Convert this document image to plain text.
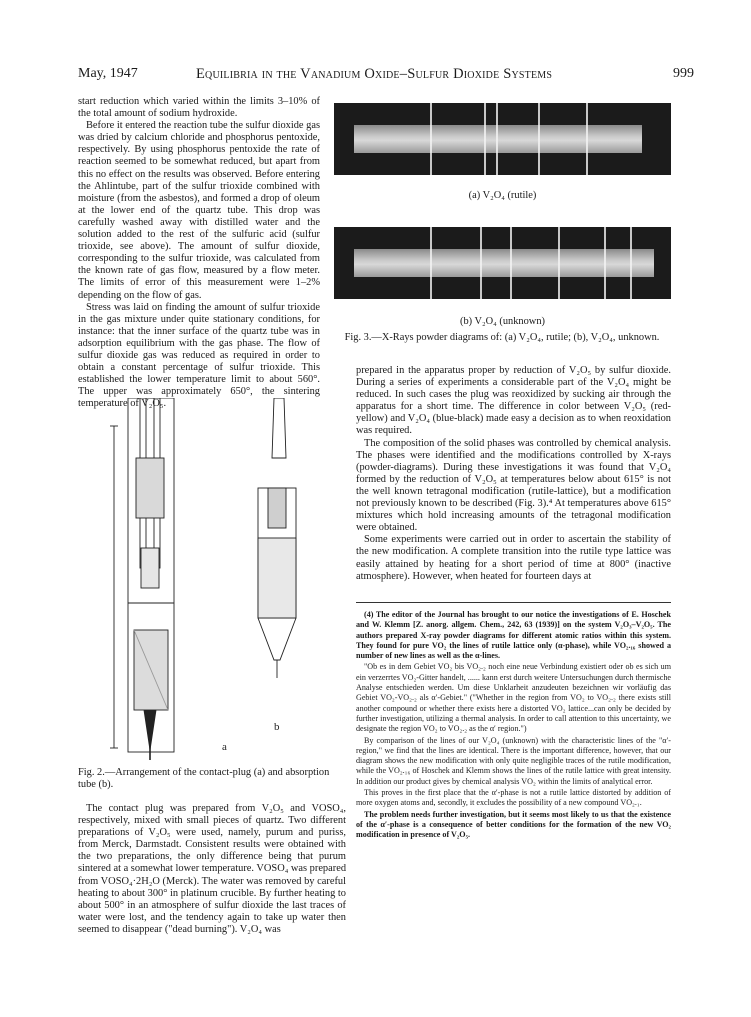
May, 1947	Equilibria in the Vanadium Oxide–Sulfur Dioxide Systems	999

start reduction which varied within the limits 3–10% of the total amount of sodium hydroxide.

Before it entered the reaction tube the sulfur dioxide gas was dried by calcium chloride and phosphorus pentoxide, respectively. By using phosphorus pentoxide the rate of reaction seemed to be somewhat reduced, but apart from this no effect on the results was observed. Before entering the Ahlintube, part of the sulfur trioxide combined with moisture (from the asbestos), and formed a drop of oleum at the lower end of the quartz tube. This drop was carefully washed away with distilled water and the solution added to the rest of the sulfuric acid (sulfur trioxide, see above). The amount of sulfur dioxide, corresponding to the sulfur trioxide, was calculated from the known rate of gas flow, measured by a flow meter. The limits of error of this measurement were 1–2% depending on the flow of gas.

Stress was laid on finding the amount of sulfur trioxide in the gas mixture under quite stationary conditions, for instance: that the inner surface of the quartz tube was in adsorption equilibrium with the gas phase. The flow of sulfur dioxide gas was reduced as required in order to obtain a constant percentage of sulfur trioxide. This established the lower temperature limit to about 560°. The upper was approximately 650°, the sintering temperature of V₂O₅.

a
b
Fig. 2.—Arrangement of the contact-plug (a) and absorption tube (b).

The contact plug was prepared from V₂O₅ and VOSO₄, respectively, mixed with small pieces of quartz. Two different preparations of V₂O₅ were used, namely, purum and puriss, from Merck, Darmstadt. Consistent results were obtained with the two preparations, the only difference being that purum sintered at a somewhat lower temperature. VOSO₄ was prepared from VOSO₄·2H₂O (Merck). The water was removed by careful heating to about 300° in platinum crucible. By further heating to about 500° in an atmosphere of sulfur dioxide the last traces of water were lost, and the tendency again to take up water then seemed to disappear ("dead burning"). V₂O₄ was

(a) V₂O₄ (rutile)
(b) V₂O₄ (unknown)
Fig. 3.—X-Rays powder diagrams of: (a) V₂O₄, rutile; (b), V₂O₄, unknown.

prepared in the apparatus proper by reduction of V₂O₅ by sulfur dioxide. During a series of experiments a considerable part of the V₂O₄ might be reduced. In such cases the plug was reoxidized by sucking air through the apparatus for a short time. The difference in color between V₂O₅ (red-yellow) and V₂O₄ (blue-black) made easy a decision as to when reoxidation was required.

The composition of the solid phases was controlled by chemical analysis. The phases were identified and the modifications controlled by X-rays (powder-diagrams). During these investigations it was found that V₂O₄ formed by the reduction of V₂O₅ at temperatures below about 615° is not the well known tetragonal modification (rutile-lattice), but a modification not previously known to be described (Fig. 3).⁴ At temperatures above 615° mixtures which hold increasing amounts of the tetragonal modification were obtained.

Some experiments were carried out in order to ascertain the stability of the new modification. A complete transition into the rutile type lattice was easily attained by heating for a short period of time at 800° (inactive atmosphere). However, when heated for fourteen days at

(4) The editor of the Journal has brought to our notice the investigations of E. Hoschek and W. Klemm [Z. anorg. allgem. Chem., 242, 63 (1939)] on the system V₂O₃–V₂O₅. The authors prepared X-ray powder diagrams for different atomic ratios within this system. They found for pure VO₂ the lines of rutile lattice only (α-phase), while VO₂.₁₆ showed a number of new lines as well as the α-lines.

"Ob es in dem Gebiet VO₂ bis VO₂.₂ noch eine neue Verbindung existiert oder ob es sich um ein verzerrtes VO₂-Gitter handelt, ...... kann erst durch weitere Untersuchungen durch thermische Analyse entschieden werden. Um diese Unklarheit anzudeuten bezeichnen wir vorläufig das Gebiet VO₂-VO₂.₂ als α′-Gebiet." ("Whether in the region from VO₂ to VO₂.₂ there exists still another compound or whether there exists here a distorted VO₂ lattice...can only be decided by further investigation, utilizing a thermal analysis. In order to call attention to this uncertainty, we designate the region VO₂ to VO₂.₂ as the α′ region.")

By comparison of the lines of our V₂O₄ (unknown) with the characteristic lines of the "α′-region," we find that the lines are identical. There is the important difference, however, that our diagram shows the new modification with only quite negligible traces of the rutile modification, while the VO₂.₁₆ of Hoschek and Klemm shows the lines of the rutile lattice with great intensity. In addition our product gives by chemical analysis VO₂ within the limits of analytical error.

This proves in the first place that the α′-phase is not a rutile lattice distorted by addition of more oxygen atoms and, secondly, it excludes the possibility of a new compound VO₂.₁.

The problem needs further investigation, but it seems most likely to us that the existence of the α′-phase is a consequence of better conditions for the formation of the new VO₂ modification in presence of V₂O₅.
